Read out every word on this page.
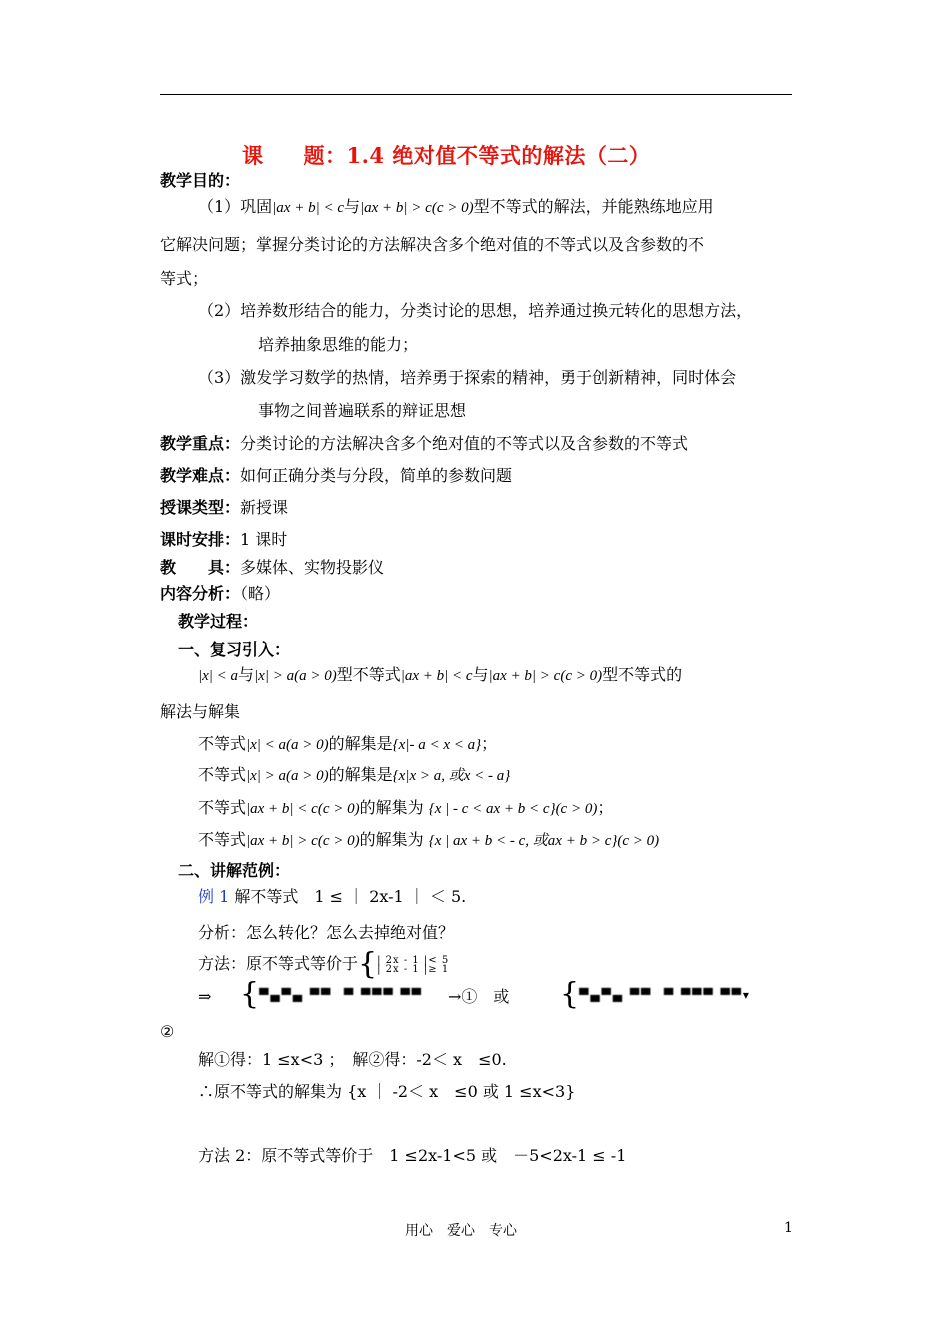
课 题：1.4 绝对值不等式的解法（二）
教学目的：
（1）巩固|ax + b| < c与|ax + b| > c(c > 0)型不等式的解法，并能熟练地应用
它解决问题；掌握分类讨论的方法解决含多个绝对值的不等式以及含参数的不
等式；
（2）培养数形结合的能力，分类讨论的思想，培养通过换元转化的思想方法，
培养抽象思维的能力；
（3）激发学习数学的热情，培养勇于探索的精神，勇于创新精神，同时体会
事物之间普遍联系的辩证思想
教学重点：分类讨论的方法解决含多个绝对值的不等式以及含参数的不等式
教学难点：如何正确分类与分段，简单的参数问题
授课类型：新授课
课时安排：1 课时
教　　具：多媒体、实物投影仪
内容分析：（略）
教学过程：
一、复习引入：
|x| < a与|x| > a(a > 0)型不等式|ax + b| < c与|ax + b| > c(c > 0)型不等式的
解法与解集
不等式|x| < a(a > 0)的解集是{x|- a < x < a}；
不等式|x| > a(a > 0)的解集是{x|x > a, 或x < - a}
不等式|ax + b| < c(c > 0)的解集为 {x | - c < ax + b < c}(c > 0)；
不等式|ax + b| > c(c > 0)的解集为 {x | ax + b < - c, 或ax + b > c}(c > 0)
二、讲解范例：
例 1 解不等式　1 ≤ ｜ 2x-1 ｜ ＜ 5.
分析：怎么转化？怎么去掉绝对值？
方法：原不等式等价于{ | 2x - 1 |< 5
| 2x - 1 |≥ 1
⇒ {▀▄▀▄ ▀▀  ▀ ▀▀▀ ▀▀ →①　或 {▀▄▀▄ ▀▀  ▀ ▀▀▀ ▀▀▾
②
解①得：1 ≤x<3 ；　解②得：-2＜ x　≤0.
∴原不等式的解集为 {x ｜ -2＜ x　≤0 或 1 ≤x<3}
方法 2：原不等式等价于　1 ≤2x-1<5 或　－5<2x-1 ≤ -1
用心　爱心　专心	1
